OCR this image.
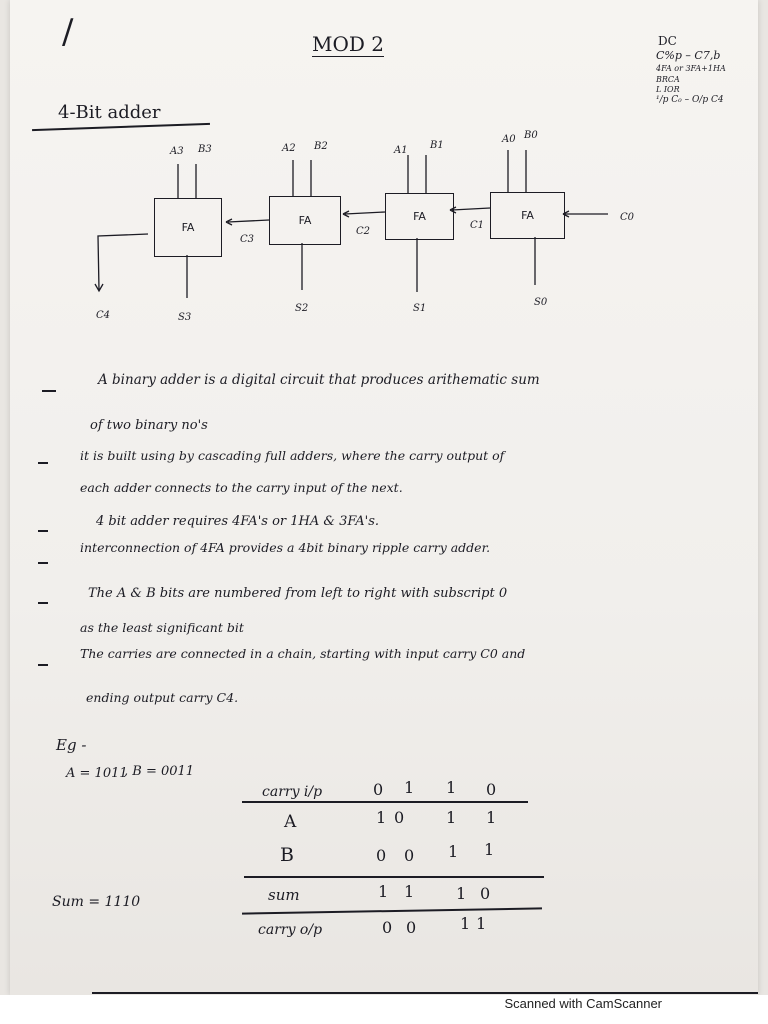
/	MOD 2	DC
C%p – C7,b
4FA or 3FA+1HA
BRCA
L IOR
¹/p C₀ – O/p C4
4-Bit adder
FA
FA	FA	FA
A3 B3	A2 B2	A1 B1
A0 B0
S3
S2	S1
S0
C3
C2
C1
C0
C4
A binary adder is a digital circuit that produces arithematic sum
of two binary no's
it is built using by cascading full adders, where the carry output of
each adder connects to the carry input of the next.
4 bit adder requires 4FA's or 1HA & 3FA's.
interconnection of 4FA provides a 4bit binary ripple carry adder.
The A & B bits are numbered from left to right with subscript 0
as the least significant bit
The carries are connected in a chain, starting with input carry C0 and
ending output carry C4.
Eg -
A = 1011
, B = 0011
carry i/p	0 1 1 0
A	1 0	1 1
B	0 0 1 1
sum	1 1	1 0
carry o/p	0 0	1 1
Sum = 1110
Scanned with CamScanner
